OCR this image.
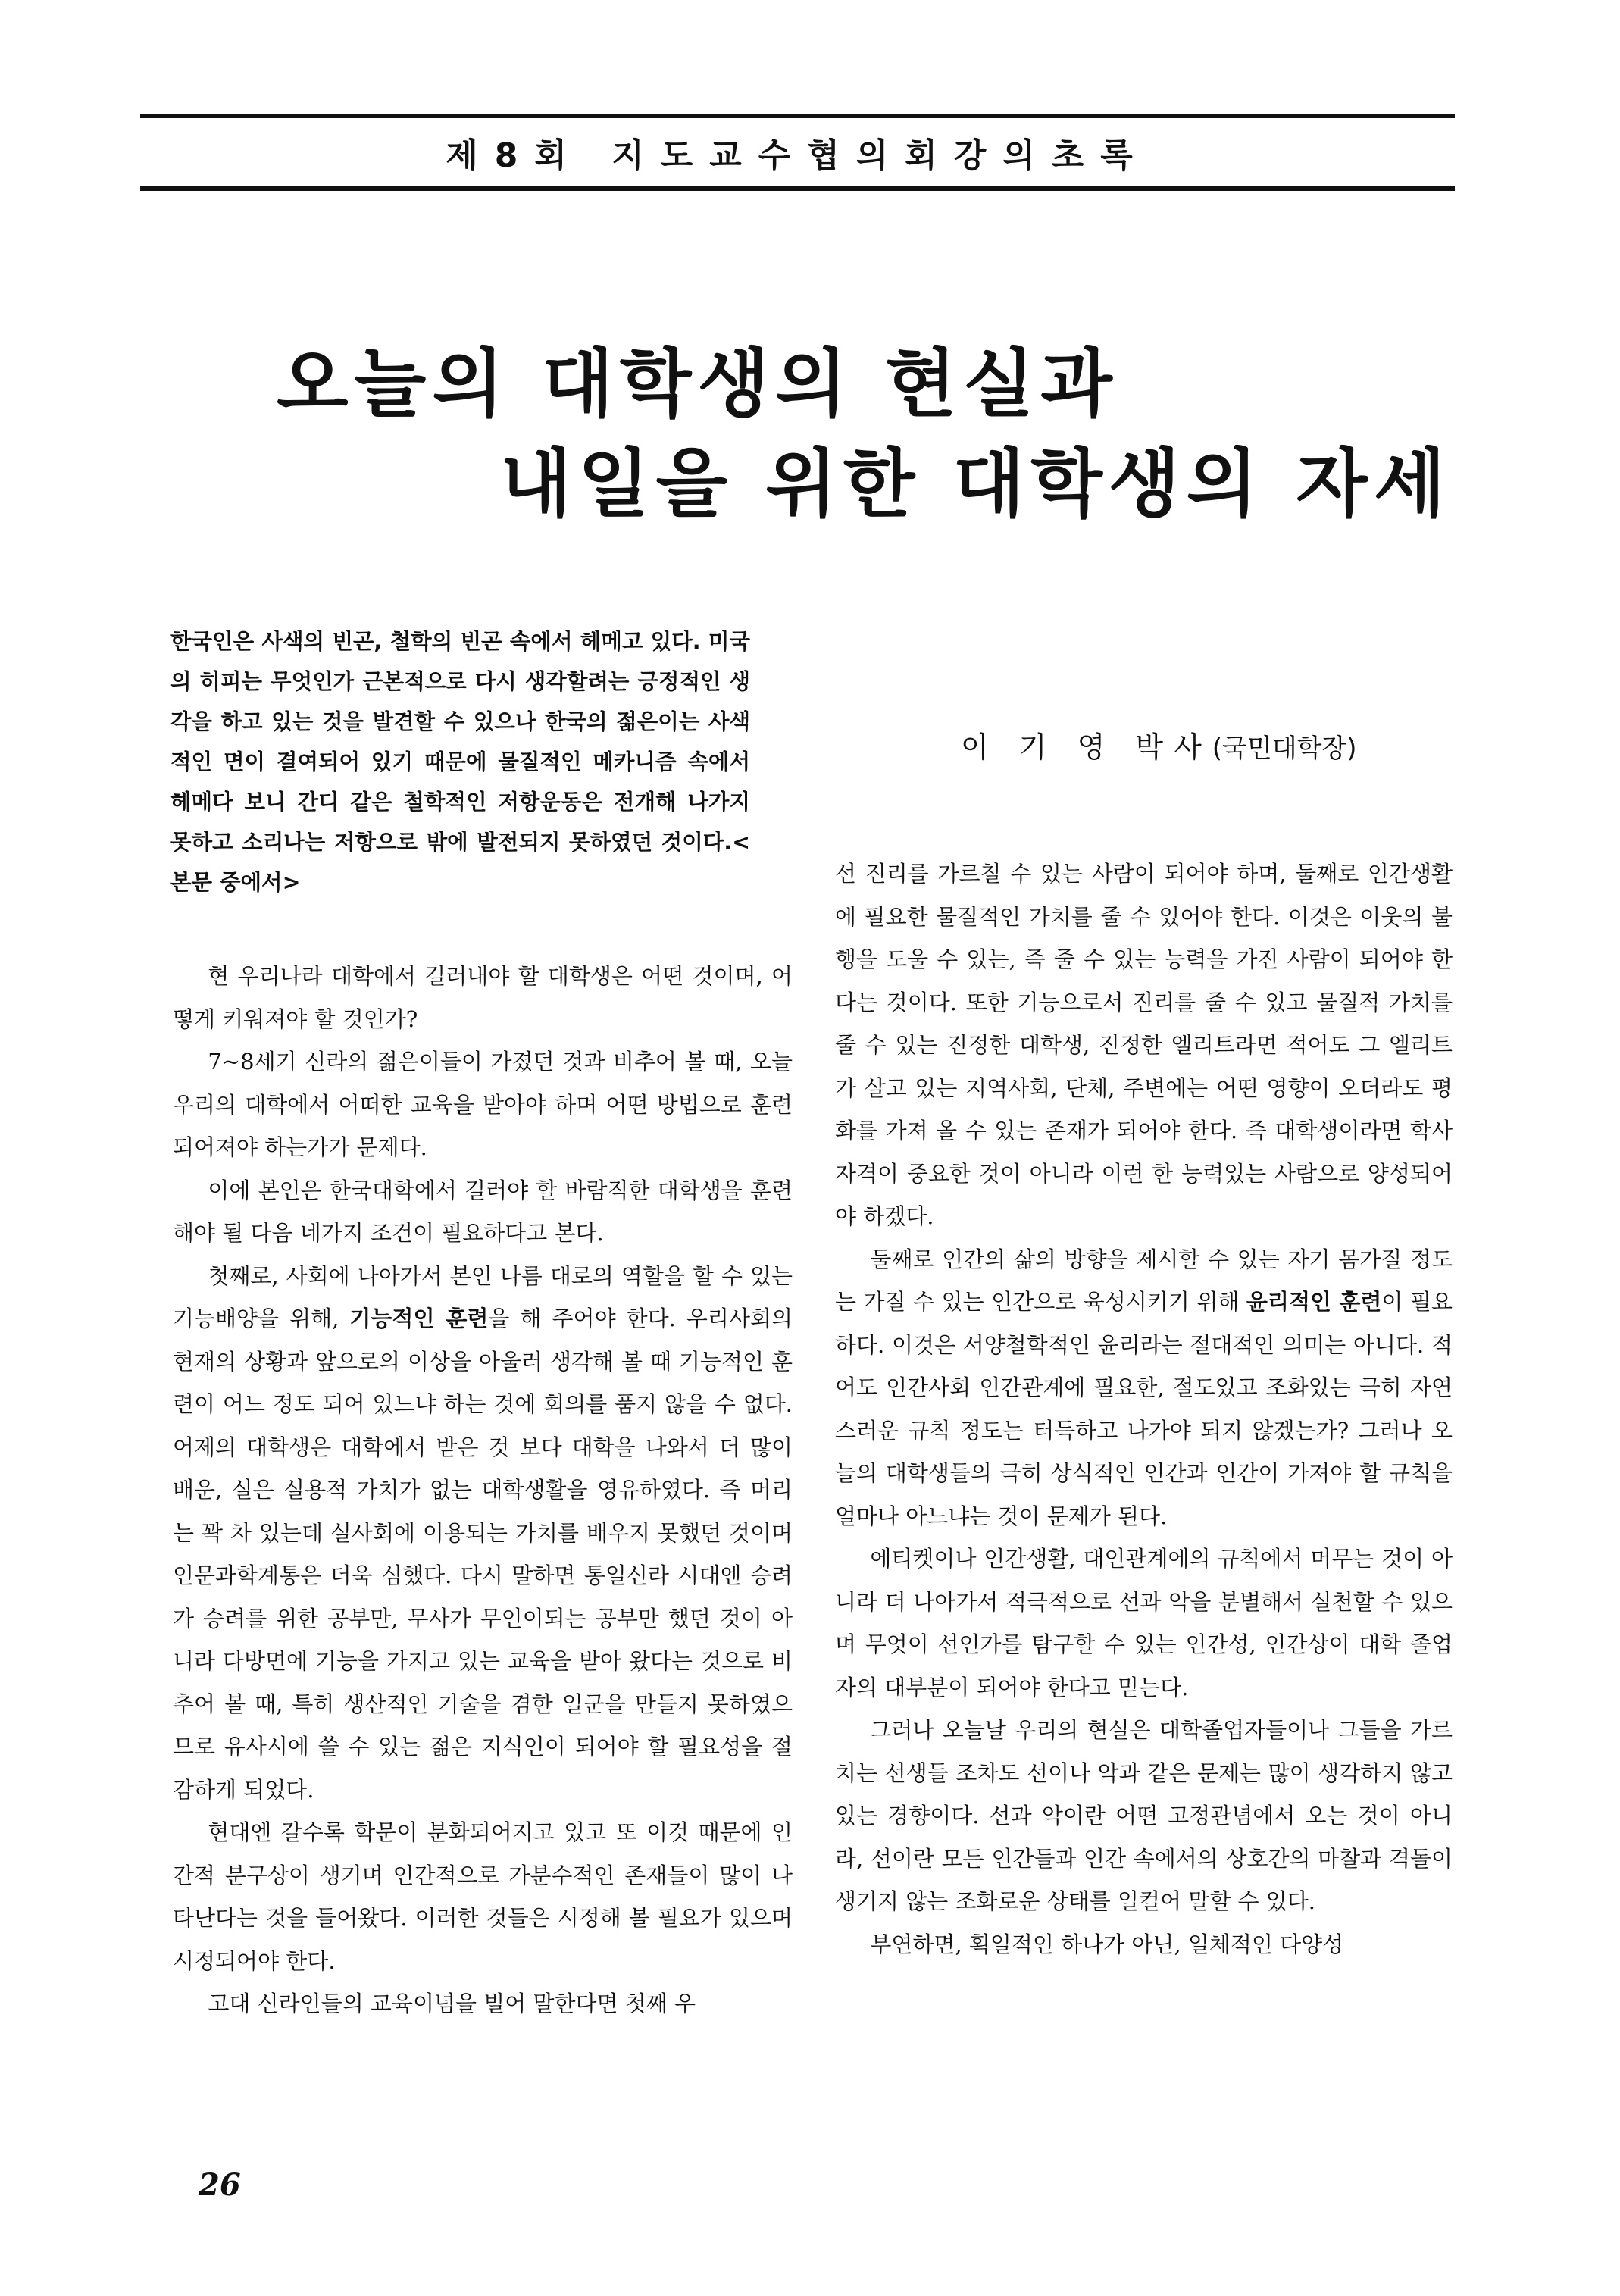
제8회 지도교수협의회강의초록
오늘의 대학생의 현실과
내일을 위한 대학생의 자세
한국인은 사색의 빈곤, 철학의 빈곤 속에서 헤메고 있다. 미국의 히피는 무엇인가 근본적으로 다시 생각할려는 긍정적인 생각을 하고 있는 것을 발견할 수 있으나 한국의 젊은이는 사색적인 면이 결여되어 있기 때문에 물질적인 메카니즘 속에서 헤메다 보니 간디 같은 철학적인 저항운동은 전개해 나가지 못하고 소리나는 저항으로 밖에 발전되지 못하였던 것이다.<본문 중에서>
이 기 영 박사(국민대학장)

현 우리나라 대학에서 길러내야 할 대학생은 어떤 것이며, 어떻게 키워져야 할 것인가?

7~8세기 신라의 젊은이들이 가졌던 것과 비추어 볼 때, 오늘 우리의 대학에서 어떠한 교육을 받아야 하며 어떤 방법으로 훈련되어져야 하는가가 문제다.

이에 본인은 한국대학에서 길러야 할 바람직한 대학생을 훈련해야 될 다음 네가지 조건이 필요하다고 본다.

첫째로, 사회에 나아가서 본인 나름 대로의 역할을 할 수 있는 기능배양을 위해, 기능적인 훈련을 해 주어야 한다. 우리사회의 현재의 상황과 앞으로의 이상을 아울러 생각해 볼 때 기능적인 훈련이 어느 정도 되어 있느냐 하는 것에 회의를 품지 않을 수 없다. 어제의 대학생은 대학에서 받은 것 보다 대학을 나와서 더 많이 배운, 실은 실용적 가치가 없는 대학생활을 영유하였다. 즉 머리는 꽉 차 있는데 실사회에 이용되는 가치를 배우지 못했던 것이며 인문과학계통은 더욱 심했다. 다시 말하면 통일신라 시대엔 승려가 승려를 위한 공부만, 무사가 무인이되는 공부만 했던 것이 아니라 다방면에 기능을 가지고 있는 교육을 받아 왔다는 것으로 비추어 볼 때, 특히 생산적인 기술을 겸한 일군을 만들지 못하였으므로 유사시에 쓸 수 있는 젊은 지식인이 되어야 할 필요성을 절감하게 되었다.

현대엔 갈수록 학문이 분화되어지고 있고 또 이것 때문에 인간적 분구상이 생기며 인간적으로 가분수적인 존재들이 많이 나타난다는 것을 들어왔다. 이러한 것들은 시정해 볼 필요가 있으며 시정되어야 한다.

고대 신라인들의 교육이념을 빌어 말한다면 첫째 우

선 진리를 가르칠 수 있는 사람이 되어야 하며, 둘째로 인간생활에 필요한 물질적인 가치를 줄 수 있어야 한다. 이것은 이웃의 불행을 도울 수 있는, 즉 줄 수 있는 능력을 가진 사람이 되어야 한다는 것이다. 또한 기능으로서 진리를 줄 수 있고 물질적 가치를 줄 수 있는 진정한 대학생, 진정한 엘리트라면 적어도 그 엘리트가 살고 있는 지역사회, 단체, 주변에는 어떤 영향이 오더라도 평화를 가져 올 수 있는 존재가 되어야 한다. 즉 대학생이라면 학사자격이 중요한 것이 아니라 이런 한 능력있는 사람으로 양성되어야 하겠다.

둘째로 인간의 삶의 방향을 제시할 수 있는 자기 몸가질 정도는 가질 수 있는 인간으로 육성시키기 위해 윤리적인 훈련이 필요하다. 이것은 서양철학적인 윤리라는 절대적인 의미는 아니다. 적어도 인간사회 인간관계에 필요한, 절도있고 조화있는 극히 자연스러운 규칙 정도는 터득하고 나가야 되지 않겠는가? 그러나 오늘의 대학생들의 극히 상식적인 인간과 인간이 가져야 할 규칙을 얼마나 아느냐는 것이 문제가 된다.

에티켓이나 인간생활, 대인관계에의 규칙에서 머무는 것이 아니라 더 나아가서 적극적으로 선과 악을 분별해서 실천할 수 있으며 무엇이 선인가를 탐구할 수 있는 인간성, 인간상이 대학 졸업자의 대부분이 되어야 한다고 믿는다.

그러나 오늘날 우리의 현실은 대학졸업자들이나 그들을 가르치는 선생들 조차도 선이나 악과 같은 문제는 많이 생각하지 않고 있는 경향이다. 선과 악이란 어떤 고정관념에서 오는 것이 아니라, 선이란 모든 인간들과 인간 속에서의 상호간의 마찰과 격돌이 생기지 않는 조화로운 상태를 일컬어 말할 수 있다.

부연하면, 획일적인 하나가 아닌, 일체적인 다양성

26
